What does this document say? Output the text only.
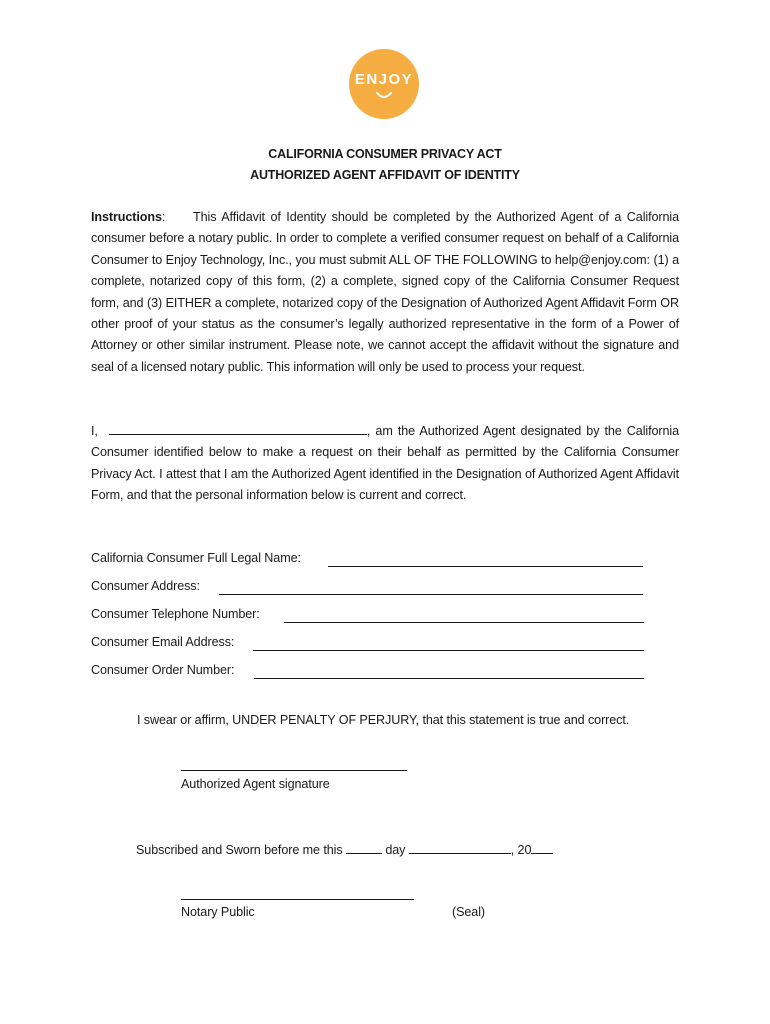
ENJOY
CALIFORNIA CONSUMER PRIVACY ACT
AUTHORIZED AGENT AFFIDAVIT OF IDENTITY
Instructions: This Affidavit of Identity should be completed by the Authorized Agent of a California consumer before a notary public. In order to complete a verified consumer request on behalf of a California Consumer to Enjoy Technology, Inc., you must submit ALL OF THE FOLLOWING to help@enjoy.com: (1) a complete, notarized copy of this form, (2) a complete, signed copy of the California Consumer Request form, and (3) EITHER a complete, notarized copy of the Designation of Authorized Agent Affidavit Form OR other proof of your status as the consumer’s legally authorized representative in the form of a Power of Attorney or other similar instrument. Please note, we cannot accept the affidavit without the signature and seal of a licensed notary public. This information will only be used to process your request.
I,	, am the Authorized Agent designated by the California Consumer identified below to make a request on their behalf as permitted by the California Consumer Privacy Act. I attest that I am the Authorized Agent identified in the Designation of Authorized Agent Affidavit Form, and that the personal information below is current and correct.
California Consumer Full Legal Name:
Consumer Address:
Consumer Telephone Number:
Consumer Email Address:
Consumer Order Number:
I swear or affirm, UNDER PENALTY OF PERJURY, that this statement is true and correct.
Authorized Agent signature
Subscribed and Sworn before me this	day	, 20
Notary Public	(Seal)
